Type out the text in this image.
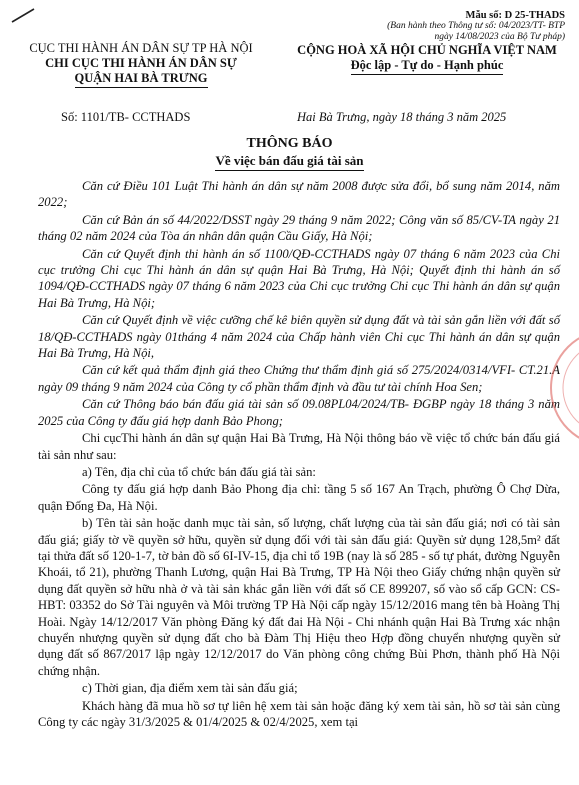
Mẫu số: D 25-THADS
(Ban hành theo Thông tư số: 04/2023/TT- BTP
ngày 14/08/2023 của Bộ Tư pháp)
CỤC THI HÀNH ÁN DÂN SỰ TP HÀ NỘI
CHI CỤC THI HÀNH ÁN DÂN SỰ
QUẬN HAI BÀ TRƯNG
CỘNG HOÀ XÃ HỘI CHỦ NGHĨA VIỆT NAM
Độc lập - Tự do - Hạnh phúc
Số: 1101/TB- CCTHADS	Hai Bà Trưng, ngày 18 tháng 3 năm 2025
THÔNG BÁO
Về việc bán đấu giá tài sản

Căn cứ Điều 101 Luật Thi hành án dân sự năm 2008 được sửa đổi, bổ sung năm 2014, năm 2022;

Căn cứ Bản án số 44/2022/DSST ngày 29 tháng 9 năm 2022; Công văn số 85/CV-TA ngày 21 tháng 02 năm 2024 của Tòa án nhân dân quận Cầu Giấy, Hà Nội;

Căn cứ Quyết định thi hành án số 1100/QĐ-CCTHADS ngày 07 tháng 6 năm 2023 của Chi cục trưởng Chi cục Thi hành án dân sự quận Hai Bà Trưng, Hà Nội; Quyết định thi hành án số 1094/QĐ-CCTHADS ngày 07 tháng 6 năm 2023 của Chi cục trưởng Chi cục Thi hành án dân sự quận Hai Bà Trưng, Hà Nội;

Căn cứ Quyết định về việc cưỡng chế kê biên quyền sử dụng đất và tài sản gắn liền với đất số 18/QĐ-CCTHADS ngày 01tháng 4 năm 2024 của Chấp hành viên Chi cục Thi hành án dân sự quận Hai Bà Trưng, Hà Nội,

Căn cứ kết quả thẩm định giá theo Chứng thư thẩm định giá số 275/2024/0314/VFI- CT.21.A ngày 09 tháng 9 năm 2024 của Công ty cổ phần thẩm định và đầu tư tài chính Hoa Sen;

Căn cứ Thông báo bán đấu giá tài sản số 09.08PL04/2024/TB- ĐGBP ngày 18 tháng 3 năm 2025 của Công ty đấu giá hợp danh Bảo Phong;

Chi cụcThi hành án dân sự quận Hai Bà Trưng, Hà Nội thông báo về việc tổ chức bán đấu giá tài sản như sau:

a) Tên, địa chỉ của tổ chức bán đấu giá tài sản:

Công ty đấu giá hợp danh Bảo Phong địa chỉ: tầng 5 số 167 An Trạch, phường Ô Chợ Dừa, quận Đống Đa, Hà Nội.

b) Tên tài sản hoặc danh mục tài sản, số lượng, chất lượng của tài sản đấu giá; nơi có tài sản đấu giá; giấy tờ về quyền sở hữu, quyền sử dụng đối với tài sản đấu giá: Quyền sử dụng 128,5m² đất tại thửa đất số 120-1-7, tờ bản đồ số 6I-IV-15, địa chỉ tổ 19B (nay là số 285 - số tự phát, đường Nguyễn Khoái, tổ 21), phường Thanh Lương, quận Hai Bà Trưng, TP Hà Nội theo Giấy chứng nhận quyền sử dụng đất quyền sở hữu nhà ở và tài sản khác gắn liền với đất số CE 899207, số vào sổ cấp GCN: CS-HBT: 03352 do Sở Tài nguyên và Môi trường TP Hà Nội cấp ngày 15/12/2016 mang tên bà Hoàng Thị Hoài. Ngày 14/12/2017 Văn phòng Đăng ký đất đai Hà Nội - Chi nhánh quận Hai Bà Trưng xác nhận chuyển nhượng quyền sử dụng đất cho bà Đàm Thị Hiệu theo Hợp đồng chuyển nhượng quyền sử dụng đất số 867/2017 lập ngày 12/12/2017 do Văn phòng công chứng Bùi Phơn, thành phố Hà Nội chứng nhận.

c) Thời gian, địa điểm xem tài sản đấu giá;

Khách hàng đã mua hồ sơ tự liên hệ xem tài sản hoặc đăng ký xem tài sản, hồ sơ tài sản cùng Công ty các ngày 31/3/2025 & 01/4/2025 & 02/4/2025, xem tại
